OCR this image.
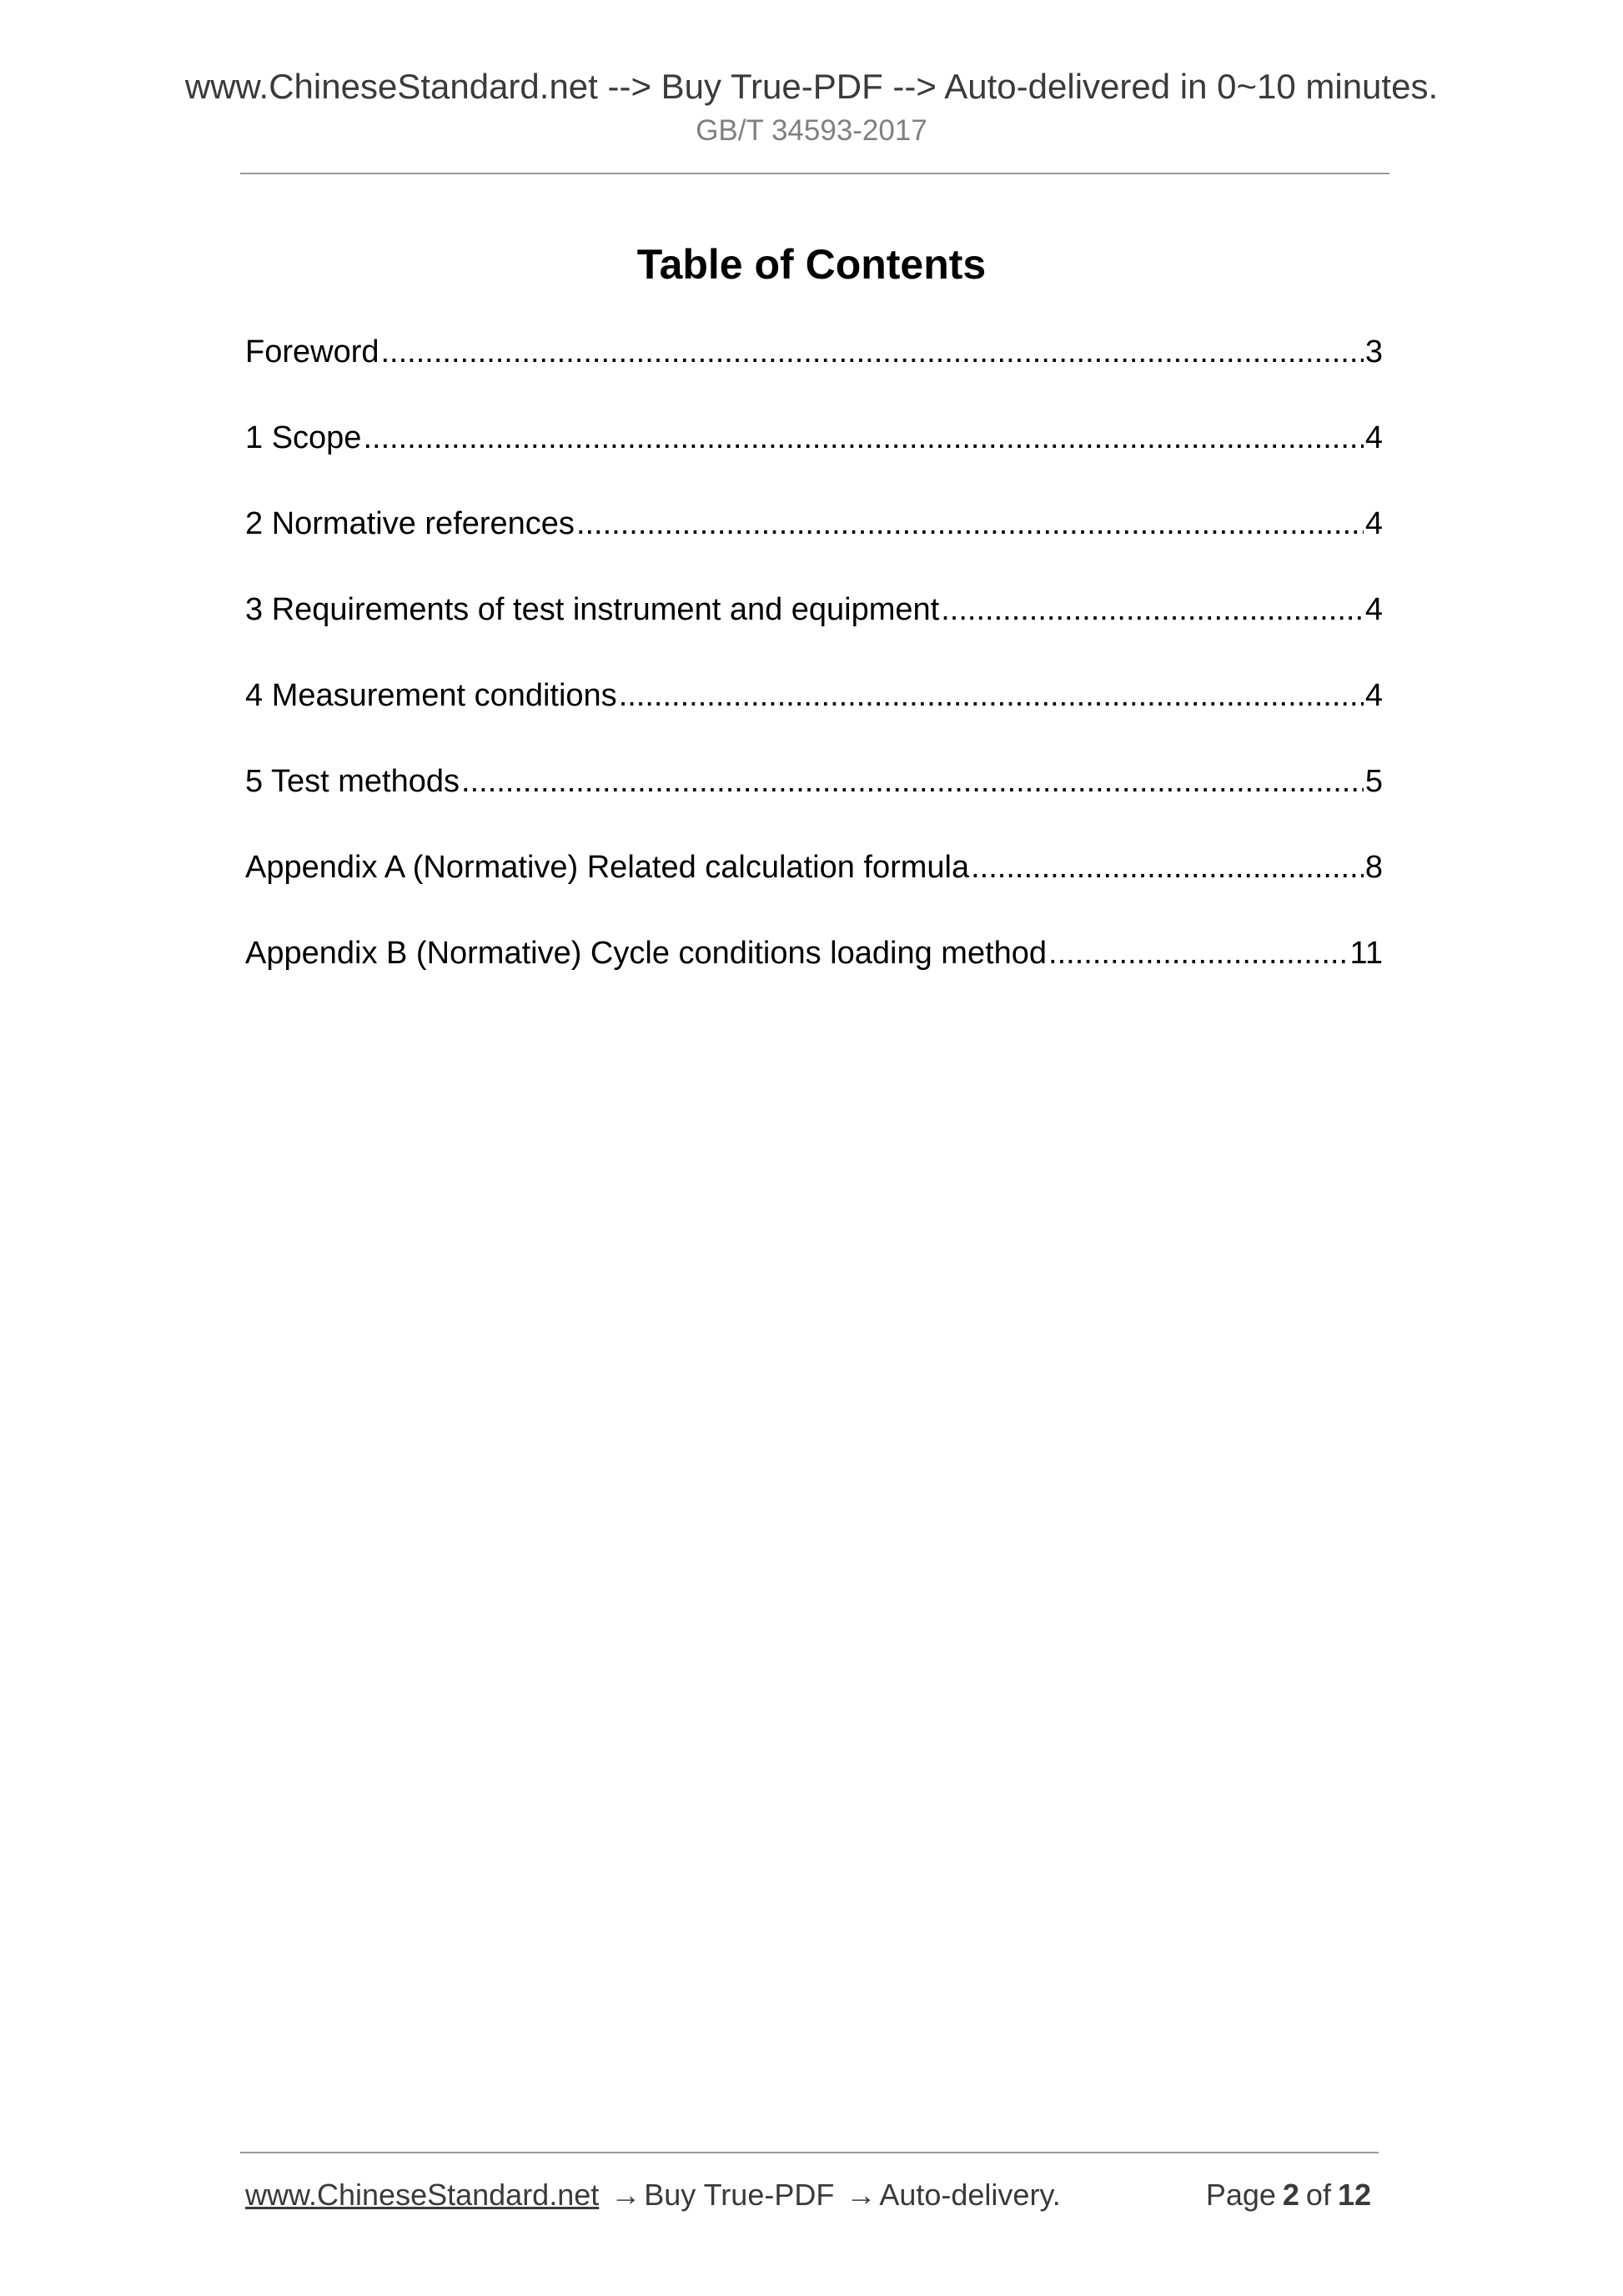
www.ChineseStandard.net --> Buy True-PDF --> Auto-delivered in 0~10 minutes.
GB/T 34593-2017
Table of Contents
Foreword .....	3
1 Scope .....	4
2 Normative references .....	4
3 Requirements of test instrument and equipment .....	4
4 Measurement conditions .....	4
5 Test methods .....	5
Appendix A (Normative) Related calculation formula .....	8
Appendix B (Normative) Cycle conditions loading method .....	11
www.ChineseStandard.net → Buy True-PDF → Auto-delivery.	Page 2 of 12
